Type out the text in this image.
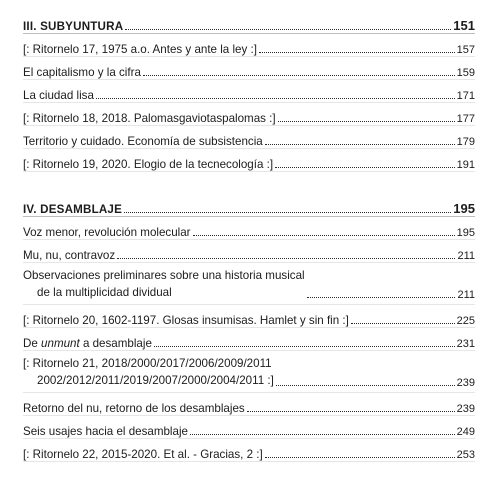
III. SUBYUNTURA	151
[: Ritornelo 17, 1975 a.o. Antes y ante la ley :]	157
El capitalismo y la cifra	159
La ciudad lisa	171
[: Ritornelo 18, 2018. Palomasgaviotaspalomas :]	177
Territorio y cuidado. Economía de subsistencia	179
[: Ritornelo 19, 2020. Elogio de la tecnecología :]	191
IV. DESAMBLAJE	195
Voz menor, revolución molecular	195
Mu, nu, contravoz	211
Observaciones preliminares sobre una historia musical
de la multiplicidad dividual	211
[: Ritornelo 20, 1602-1197. Glosas insumisas. Hamlet y sin fin :]	225
De unmunt a desamblaje	231
[: Ritornelo 21, 2018/2000/2017/2006/2009/2011
2002/2012/2011/2019/2007/2000/2004/2011 :]	239
Retorno del nu, retorno de los desamblajes	239
Seis usajes hacia el desamblaje	249
[: Ritornelo 22, 2015-2020. Et al. - Gracias, 2 :]	253
